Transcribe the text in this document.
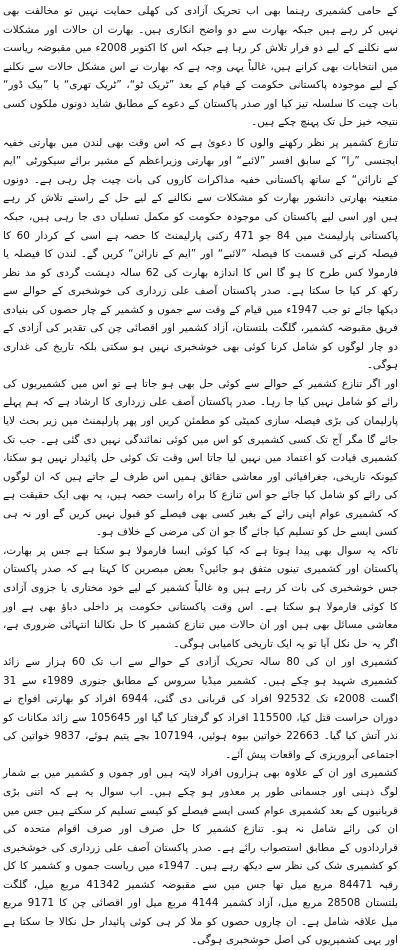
کے حامی کشمیری رہنما بھی اب تحریک آزادی کی کھلی حمایت نہیں تو مخالفت بھی نہیں کر رہے ہیں جبکہ بھارت سے دو واضح انکاری ہیں۔ بھارت ان حالات اور مشکلات سے نکلنے کے لیے دو فرار تلاش کر رہا ہے جبکہ اس کا اکتوبر 2008ء میں مقبوضہ ریاست میں انتخابات بھی کرانے ہیں، غالباً یہی وجہ ہے کہ بھارت نے اس مشکل حالات سے نکلنے کے لیے موجودہ پاکستانی حکومت کے قیام کے بعد ”ٹریک ٹو“، ”ٹریک تھری“ یا ”بیک ڈور“ بات چیت کا سلسلہ تیز کیا اور صدر پاکستان کے دعوے کے مطابق شاید دونوں ملکوں کسی نتیجہ خیز حل تک پہنچ چکے ہیں۔

تنازع کشمیر پر نظر رکھنے والوں کا دعویٰ ہے کہ اس وقت بھی لندن میں بھارتی خفیہ ایجنسی ”را“ کے سابق افسر ”لائبے“ اور بھارتی وزیراعظم کے مشیر برائے سیکورٹی ”ایم کے نارائن“ کے ساتھ پاکستانی خفیہ مذاکرات کاروں کی بات چیت چل رہی ہے۔ دونوں متعینہ بھارتی دانشور بھارت کو مشکلات سے نکالنے کے لیے حل کے راستے تلاش کر رہے ہیں اور اسی لیے پاکستان کی موجودہ حکومت کو مکمل تسلیاں دی جا رہی ہیں، جبکہ پاکستانی پارلیمنٹ میں 84 جو 471 رکنی پارلیمنٹ کا حصہ ہے اسی کے کردار 60 کا فیصلہ کرنے کی قسمت کا فیصلہ ”لائبے“ اور ”ایم کے نارائن“ کریں گے۔ لندن کا فیصلہ یا فارمولا کس طرح کا ہو گا اس کا اندازہ بھارت کی 62 سالہ دہشت گردی کو مد نظر رکھ کر کیا جا سکتا ہے۔ صدر پاکستان آصف علی زرداری کی خوشخبری کے حوالے سے دیکھا جائے تو جب 1947ء میں قیام کے وقت سے جموں و کشمیر کے چار حصوں کی بنیادی فریق مقبوضہ کشمیر، گلگت بلتستان، آزاد کشمیر اور اقصائی چن کی تقدیر کی آزادی کے دو چار لوگوں کو شامل کرنا کوئی بھی خوشخبری نہیں ہو سکتی بلکہ تاریخ کی غداری ہوگی۔

اور اگر تنازع کشمیر کے حوالے سے کوئی حل بھی ہو جاتا ہے تو اس میں کشمیریوں کی رائے کو شامل نہیں کیا جا رہا۔ صدر پاکستان آصف علی زرداری کا ارشاد ہے کہ ہم پہلے پارلیمان کی بڑی فیصلہ سازی کمیٹی کو مطمئن کریں اور پھر پارلیمنٹ میں زیر بحث لایا جائے گا مگر آج تک کسی کشمیری کو اس میں کوئی نمائندگی نہیں دی گئی ہے۔ جب تک کشمیری قیادت کو اعتماد میں نہیں لیا جاتا اس وقت تک کوئی حل پائیدار نہیں ہو سکتا، کیونکہ تاریخی، جغرافیائی اور معاشی حقائق ہمیں اس طرف لے جاتے ہیں کہ ان لوگوں کی رائے کو شامل کیا جائے جو اس تنازع کا براہ راست حصہ ہیں، یہ بھی ایک حقیقت ہے کہ کشمیری عوام اپنی رائے کے بغیر کسی بھی فیصلے کو قبول نہیں کریں گے اور نہ ہی کسی ایسے حل کو تسلیم کیا جائے گا جو ان کی مرضی کے خلاف ہو۔

تاکہ یہ سوال بھی پیدا ہوتا ہے کہ کیا کوئی ایسا فارمولا ہو سکتا ہے جس پر بھارت، پاکستان اور کشمیری تینوں متفق ہو جائیں؟ بعض مبصرین کا کہنا ہے کہ صدر پاکستان جس خوشخبری کی بات کر رہے ہیں وہ غالباً کشمیر کے لیے خود مختاری یا جزوی آزادی کا کوئی فارمولا ہو سکتا ہے۔ اس وقت پاکستانی حکومت پر داخلی دباؤ بھی ہے اور معاشی مسائل بھی ہیں اور ان حالات میں تنازع کشمیر کا حل نکالنا انتہائی ضروری ہے، اگر یہ حل نکل آیا تو یہ ایک تاریخی کامیابی ہوگی۔

کشمیری اور ان کی 80 سالہ تحریک آزادی کے حوالے سے اب تک 60 ہزار سے زائد کشمیری شہید ہو چکے ہیں۔ کشمیر میڈیا سروس کے مطابق جنوری 1989ء سے 31 اگست 2008ء تک 92532 افراد کی قربانی دی گئی، 6944 افراد کو بھارتی افواج نے دوران حراست قتل کیا، 115500 افراد کو گرفتار کیا گیا اور 105645 سے زائد مکانات کو نذر آتش کیا گیا۔ 22663 خواتین بیوہ ہوئیں، 107194 بچے یتیم ہوئے، 9837 خواتین کی اجتماعی آبروریزی کے واقعات پیش آئے۔

کشمیری اور ان کے علاوہ بھی ہزاروں افراد لاپتہ ہیں اور جموں و کشمیر میں بے شمار لوگ ذہنی اور جسمانی طور پر معذور ہو چکے ہیں۔ اب سوال یہ ہے کہ اتنی بڑی قربانیوں کے بعد کشمیری عوام کسی ایسے فیصلے کو کیسے تسلیم کر سکتے ہیں جس میں ان کی رائے شامل نہ ہو۔ تنازع کشمیر کا حل صرف اور صرف اقوام متحدہ کی قراردادوں کے مطابق استصواب رائے ہے۔ صدر پاکستان آصف علی زرداری کی خوشخبری کو کشمیری شک کی نظر سے دیکھ رہے ہیں۔ 1947ء میں ریاست جموں و کشمیر کا کل رقبہ 84471 مربع میل تھا جس میں سے مقبوضہ کشمیر 41342 مربع میل، گلگت بلتستان 28508 مربع میل، آزاد کشمیر 4144 مربع میل اور اقصائی چن کا 9171 مربع میل علاقہ شامل ہے۔ ان چاروں حصوں کو ملا کر ہی کوئی پائیدار حل نکالا جا سکتا ہے اور یہی کشمیریوں کی اصل خوشخبری ہوگی۔
